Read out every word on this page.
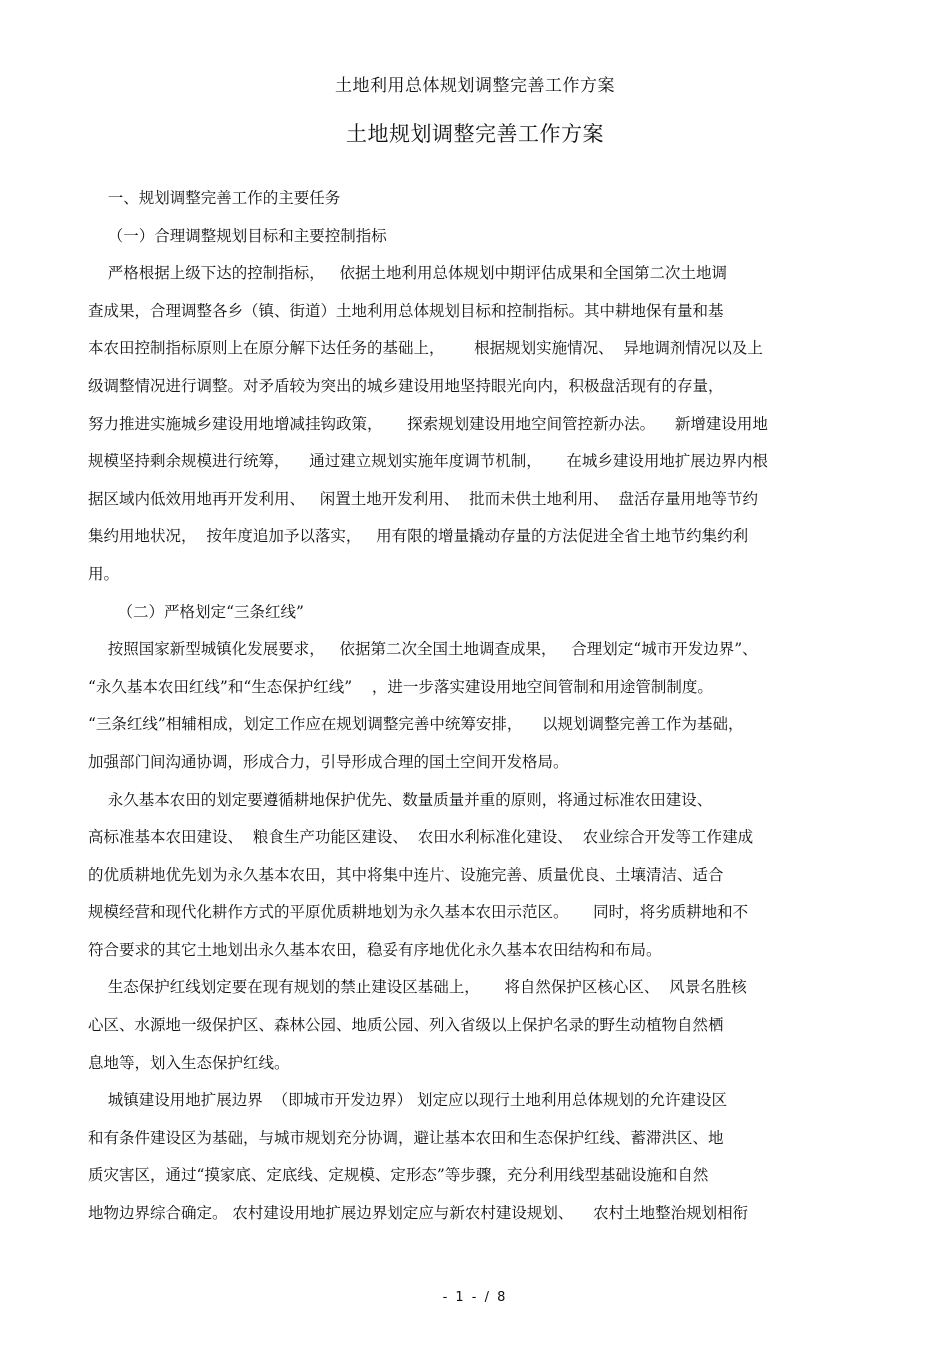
土地利用总体规划调整完善工作方案
土地规划调整完善工作方案
一、规划调整完善工作的主要任务
（一）合理调整规划目标和主要控制指标
严格根据上级下达的控制指标，   依据土地利用总体规划中期评估成果和全国第二次土地调
查成果，合理调整各乡（镇、街道）土地利用总体规划目标和控制指标。其中耕地保有量和基
本农田控制指标原则上在原分解下达任务的基础上，      根据规划实施情况、  异地调剂情况以及上
级调整情况进行调整。对矛盾较为突出的城乡建设用地坚持眼光向内，积极盘活现有的存量，
努力推进实施城乡建设用地增减挂钩政策，     探索规划建设用地空间管控新办法。    新增建设用地
规模坚持剩余规模进行统筹，    通过建立规划实施年度调节机制，     在城乡建设用地扩展边界内根
据区域内低效用地再开发利用、   闲置土地开发利用、  批而未供土地利用、  盘活存量用地等节约
集约用地状况，  按年度追加予以落实，   用有限的增量撬动存量的方法促进全省土地节约集约利
用。
（二）严格划定“三条红线”
按照国家新型城镇化发展要求，   依据第二次全国土地调查成果，   合理划定“城市开发边界”、
“永久基本农田红线”和“生态保护红线”    ，进一步落实建设用地空间管制和用途管制制度。
“三条红线”相辅相成，划定工作应在规划调整完善中统筹安排，    以规划调整完善工作为基础，
加强部门间沟通协调，形成合力，引导形成合理的国土空间开发格局。
永久基本农田的划定要遵循耕地保护优先、数量质量并重的原则，将通过标准农田建设、
高标准基本农田建设、  粮食生产功能区建设、  农田水利标准化建设、  农业综合开发等工作建成
的优质耕地优先划为永久基本农田，其中将集中连片、设施完善、质量优良、土壤清洁、适合
规模经营和现代化耕作方式的平原优质耕地划为永久基本农田示范区。     同时，将劣质耕地和不
符合要求的其它土地划出永久基本农田，稳妥有序地优化永久基本农田结构和布局。
生态保护红线划定要在现有规划的禁止建设区基础上，     将自然保护区核心区、  风景名胜核
心区、水源地一级保护区、森林公园、地质公园、列入省级以上保护名录的野生动植物自然栖
息地等，划入生态保护红线。
城镇建设用地扩展边界  （即城市开发边界） 划定应以现行土地利用总体规划的允许建设区
和有条件建设区为基础，与城市规划充分协调，避让基本农田和生态保护红线、蓄滞洪区、地
质灾害区，通过“摸家底、定底线、定规模、定形态”等步骤，充分利用线型基础设施和自然
地物边界综合确定。 农村建设用地扩展边界划定应与新农村建设规划、    农村土地整治规划相衔
- 1 - / 8
